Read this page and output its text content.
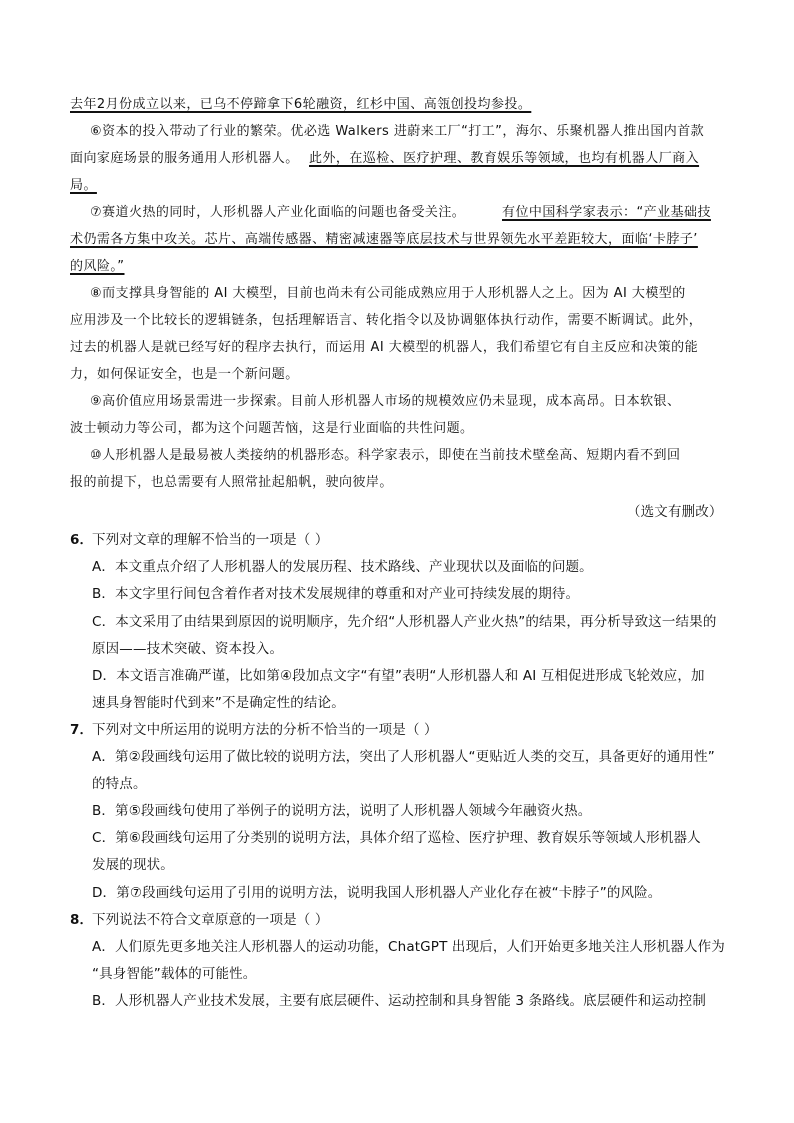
去年2月份成立以来，已乌不停蹄拿下6轮融资，红杉中国、高瓴创投均参投。
⑥资本的投入带动了行业的繁荣。优必选 Walkers 进蔚来工厂“打工”，海尔、乐聚机器人推出国内首款
面向家庭场景的服务通用人形机器人。 此外，在巡检、医疗护理、教育娱乐等领域，也均有机器人厂商入
局。
⑦赛道火热的同时，人形机器人产业化面临的问题也备受关注。	有位中国科学家表示：“产业基础技
术仍需各方集中攻关。芯片、高端传感器、精密减速器等底层技术与世界领先水平差距较大，面临‘卡脖子’
的风险。”
⑧而支撑具身智能的 AI 大模型，目前也尚未有公司能成熟应用于人形机器人之上。因为 AI 大模型的
应用涉及一个比较长的逻辑链条，包括理解语言、转化指令以及协调躯体执行动作，需要不断调试。此外，
过去的机器人是就已经写好的程序去执行，而运用 AI 大模型的机器人，我们希望它有自主反应和决策的能
力，如何保证安全，也是一个新问题。
⑨高价值应用场景需进一步探索。目前人形机器人市场的规模效应仍未显现，成本高昂。日本软银、
波士顿动力等公司，都为这个问题苦恼，这是行业面临的共性问题。
⑩人形机器人是最易被人类接纳的机器形态。科学家表示，即使在当前技术壁垒高、短期内看不到回
报的前提下，也总需要有人照常扯起船帆，驶向彼岸。
（选文有删改）
6．
下列对文章的理解不恰当的一项是（ ）
A．本文重点介绍了人形机器人的发展历程、技术路线、产业现状以及面临的问题。
B．本文字里行间包含着作者对技术发展规律的尊重和对产业可持续发展的期待。
C．本文采用了由结果到原因的说明顺序，先介绍“人形机器人产业火热”的结果，再分析导致这一结果的
原因——技术突破、资本投入。
D．本文语言准确严谨，比如第④段加点文字“有望”表明“人形机器人和 AI 互相促进形成飞轮效应，加
速具身智能时代到来”不是确定性的结论。
7．
下列对文中所运用的说明方法的分析不恰当的一项是（ ）
A．第②段画线句运用了做比较的说明方法，突出了人形机器人“更贴近人类的交互，具备更好的通用性”
的特点。
B．第⑤段画线句使用了举例子的说明方法，说明了人形机器人领域今年融资火热。
C．第⑥段画线句运用了分类别的说明方法，具体介绍了巡检、医疗护理、教育娱乐等领域人形机器人
发展的现状。
D．第⑦段画线句运用了引用的说明方法，说明我国人形机器人产业化存在被“卡脖子”的风险。
8．
下列说法不符合文章原意的一项是（ ）
A．人们原先更多地关注人形机器人的运动功能，ChatGPT 出现后，人们开始更多地关注人形机器人作为
“具身智能”载体的可能性。
B．人形机器人产业技术发展，主要有底层硬件、运动控制和具身智能 3 条路线。底层硬件和运动控制
